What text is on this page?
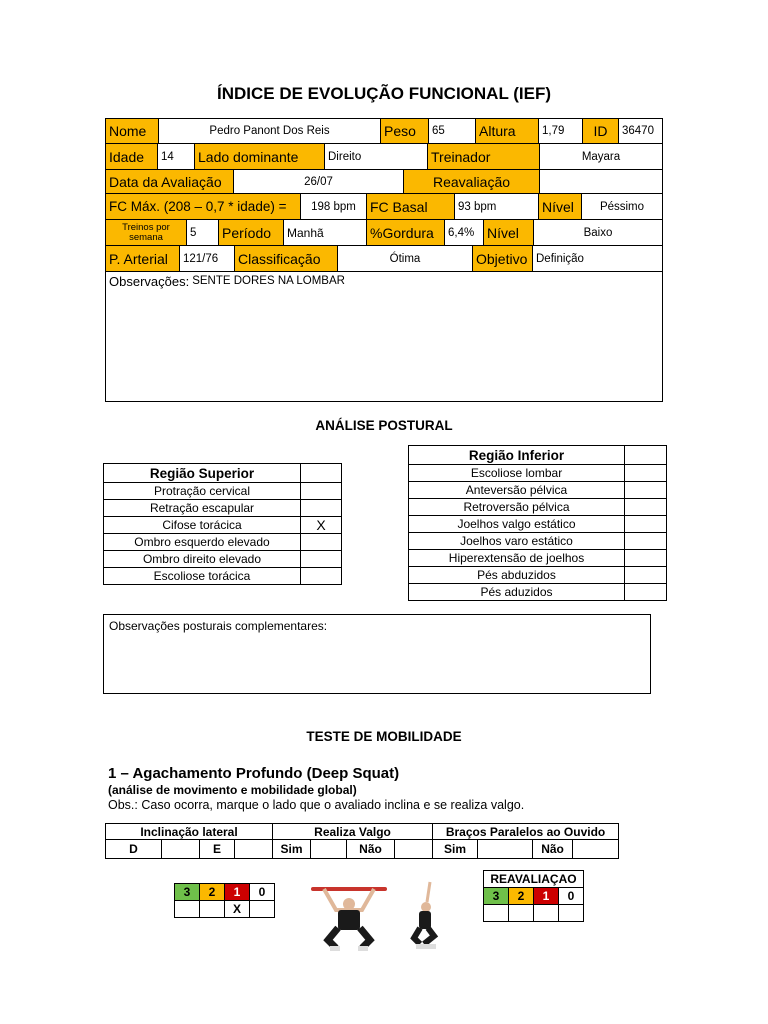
ÍNDICE DE EVOLUÇÃO FUNCIONAL (IEF)
Nome	Pedro Panont Dos Reis	Peso	65	Altura	1,79	ID	36470
Idade	14	Lado dominante	Direito	Treinador	Mayara
Data da Avaliação	26/07	Reavaliação
FC Máx. (208 – 0,7 * idade) =	198 bpm	FC Basal	93 bpm	Nível	Péssimo
Treinos por semana	5	Período	Manhã	%Gordura	6,4% Nível	Baixo
P. Arterial	121/76	Classificação	Ótima	Objetivo Definição
Observações: SENTE DORES NA LOMBAR
ANÁLISE POSTURAL
Região Superior	
Protração cervical	
Retração escapular	
Cifose torácica	X
Ombro esquerdo elevado	
Ombro direito elevado	
Escoliose torácica	
Região Inferior	
Escoliose lombar	
Anteversão pélvica	
Retroversão pélvica	
Joelhos valgo estático	
Joelhos varo estático	
Hiperextensão de joelhos	
Pés abduzidos	
Pés aduzidos	
Observações posturais complementares:
TESTE DE MOBILIDADE
1 – Agachamento Profundo (Deep Squat)
(análise de movimento e mobilidade global)
Obs.: Caso ocorra, marque o lado que o avaliado inclina e se realiza valgo.
Inclinação lateral				Realiza Valgo				Braços Paralelos ao Ouvido			
D		E		Sim		Não		Sim		Não	
3	2	1	0
		X	
REAVALIAÇAO			
3	2	1	0
